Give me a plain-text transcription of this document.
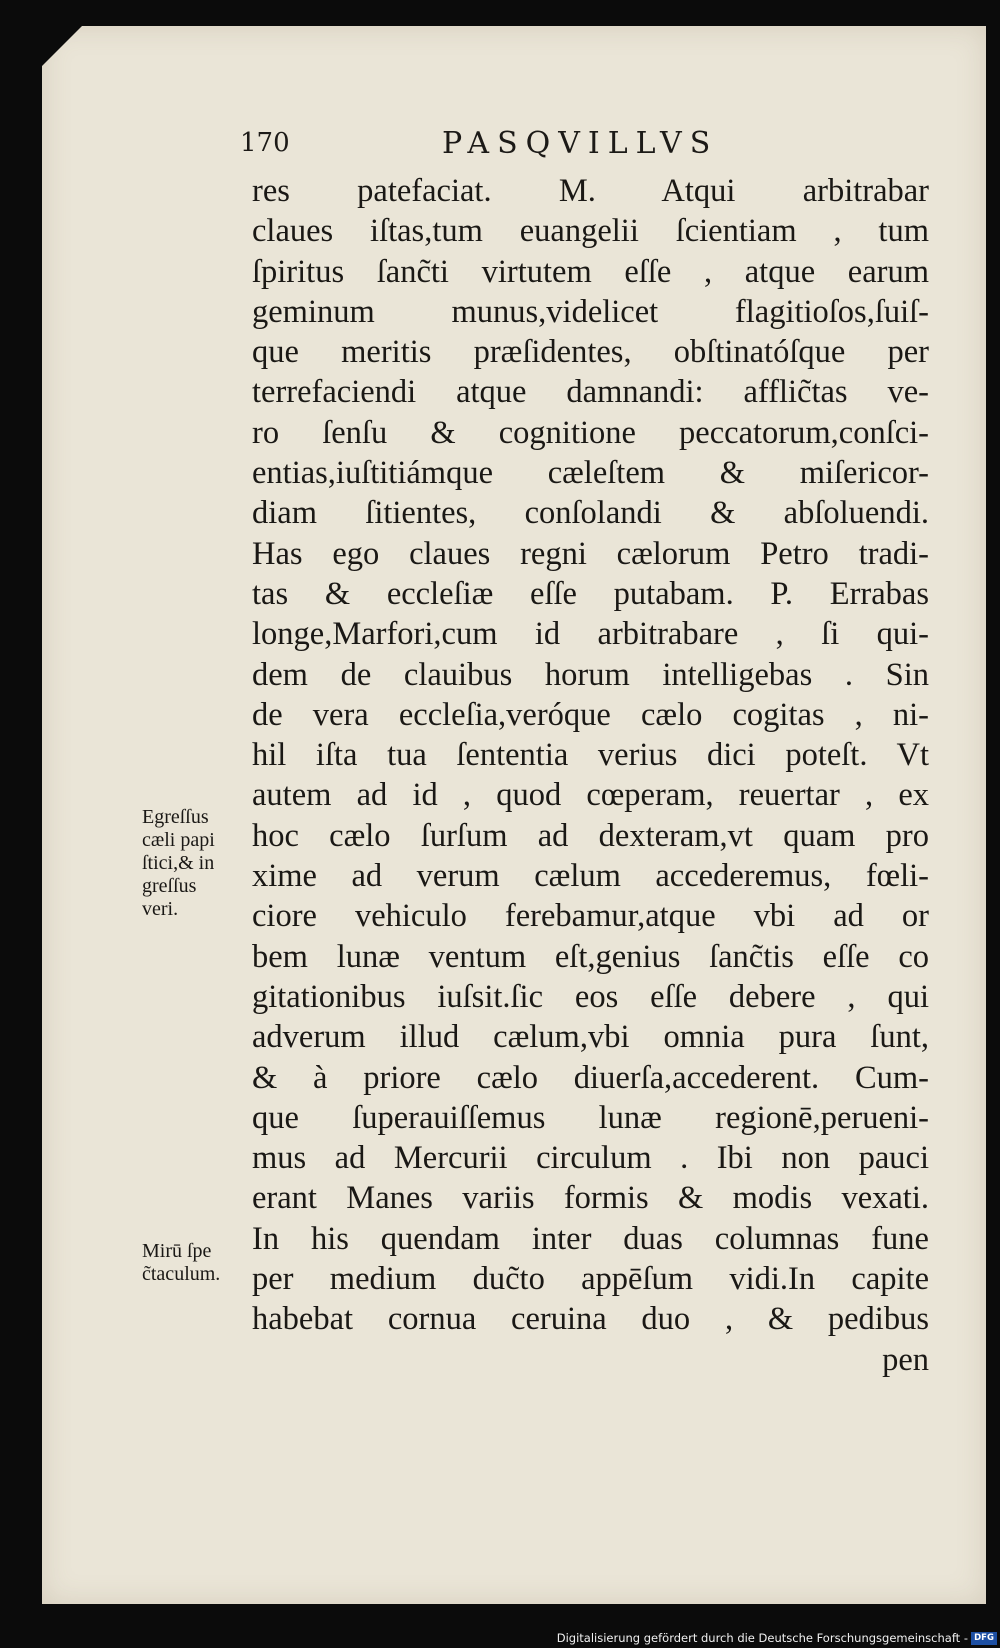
170	PASQVILLVS
res patefaciat. M. Atqui arbitrabar
claues iſtas,tum euangelii ſcientiam , tum
ſpiritus ſanc̃ti virtutem eſſe , atque earum
geminum munus,videlicet flagitioſos,ſuiſ-
que meritis præſidentes, obſtinatóſque per
terrefaciendi atque damnandi: afflic̃tas ve-
ro ſenſu & cognitione peccatorum,conſci-
entias,iuſtitiámque cæleſtem & miſericor-
diam ſitientes, conſolandi & abſoluendi.
Has ego claues regni cælorum Petro tradi-
tas & eccleſiæ eſſe putabam. P. Errabas
longe,Marfori,cum id arbitrabare , ſi qui-
dem de clauibus horum intelligebas . Sin
de vera eccleſia,veróque cælo cogitas , ni-
hil iſta tua ſententia verius dici poteſt. Vt
autem ad id , quod cœperam, reuertar , ex
hoc cælo ſurſum ad dexteram,vt quam pro
xime ad verum cælum accederemus, fœli-
ciore vehiculo ferebamur,atque vbi ad or
bem lunæ ventum eſt,genius ſanc̃tis eſſe co
gitationibus iuſsit.ſic eos eſſe debere , qui
adverum illud cælum,vbi omnia pura ſunt,
& à priore cælo diuerſa,accederent. Cum-
que ſuperauiſſemus lunæ regionē,perueni-
mus ad Mercurii circulum . Ibi non pauci
erant Manes variis formis & modis vexati.
In his quendam inter duas columnas fune
per medium duc̃to appēſum vidi.In capite
habebat cornua ceruina duo , & pedibus
pen
Egreſſus
cæli papi
ſtici,& in
greſſus
veri.
Mirū ſpe
c̃taculum.
Digitalisierung gefördert durch die Deutsche Forschungsgemeinschaft - DFG
